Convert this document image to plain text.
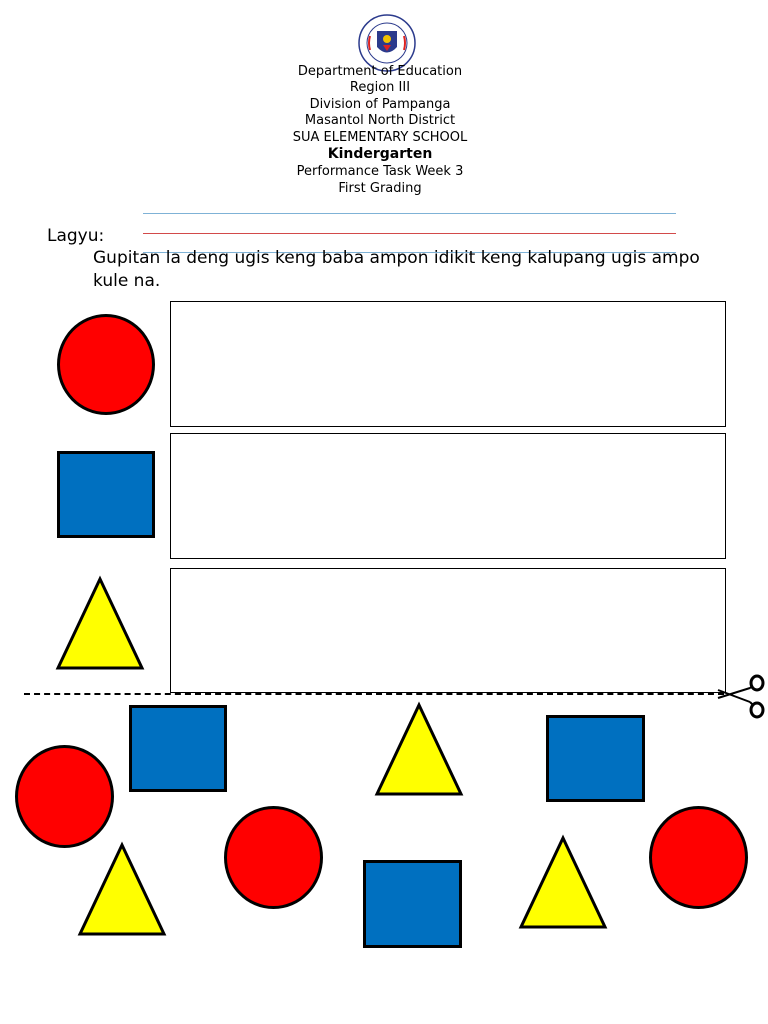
Department of Education
Region III
Division of Pampanga
Masantol North District
SUA ELEMENTARY SCHOOL
Kindergarten
Performance Task Week 3
First Grading
Lagyu:
Gupitan la deng ugis keng baba ampon idikit keng kalupang ugis ampo kule na.
